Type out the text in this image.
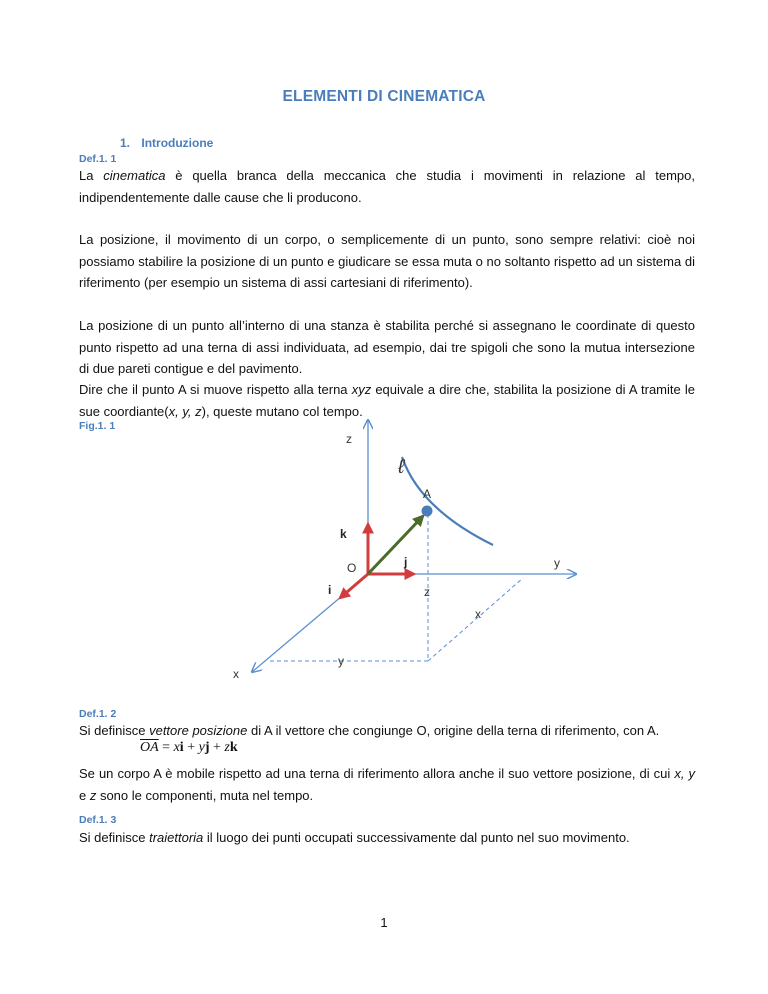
ELEMENTI DI CINEMATICA
1. Introduzione
Def.1. 1
La cinematica è quella branca della meccanica che studia i movimenti in relazione al tempo, indipendentemente dalle cause che li producono.
La posizione, il movimento di un corpo, o semplicemente di un punto, sono sempre relativi: cioè noi possiamo stabilire la posizione di un punto e giudicare se essa muta o no soltanto rispetto ad un sistema di riferimento (per esempio un sistema di assi cartesiani di riferimento).
La posizione di un punto all’interno di una stanza è stabilita perché si assegnano le coordinate di questo punto rispetto ad una terna di assi individuata, ad esempio, dai tre spigoli che sono la mutua intersezione di due pareti contigue e del pavimento.
Dire che il punto A si muove rispetto alla terna xyz equivale a dire che, stabilita la posizione di A tramite le sue coordiante(x, y, z), queste mutano col tempo.
Fig.1. 1
z
y
x
ℓ
A
O
k
j
i	z
x
y
Def.1. 2
Si definisce vettore posizione di A il vettore che congiunge O, origine della terna di riferimento, con A.
$\overline{OA}$ = xi + yj + zk
Se un corpo A è mobile rispetto ad una terna di riferimento allora anche il suo vettore posizione, di cui x, y e z sono le componenti, muta nel tempo.
Def.1. 3
Si definisce traiettoria il luogo dei punti occupati successivamente dal punto nel suo movimento.
1
